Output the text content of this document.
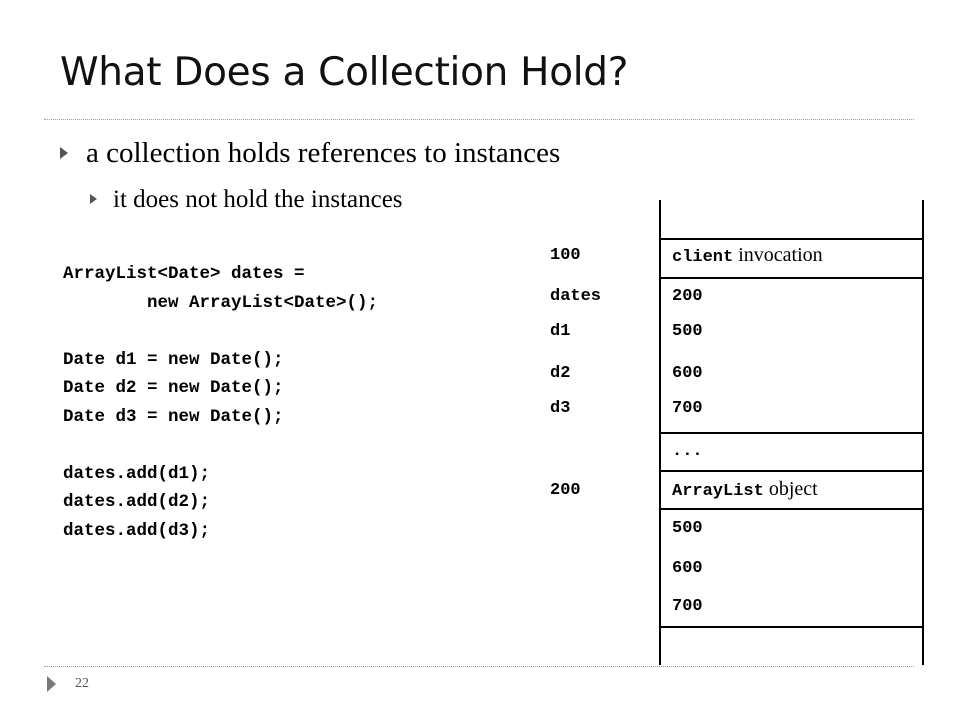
What Does a Collection Hold?
a collection holds references to instances
it does not hold the instances
ArrayList<Date> dates =
new ArrayList<Date>();
Date d1 = new Date();
Date d2 = new Date();
Date d3 = new Date();
dates.add(d1);
dates.add(d2);
dates.add(d3);
100	client invocation
dates	200
d1	500
d2	600
d3	700
...
200	ArrayList object
500
600
700
22
